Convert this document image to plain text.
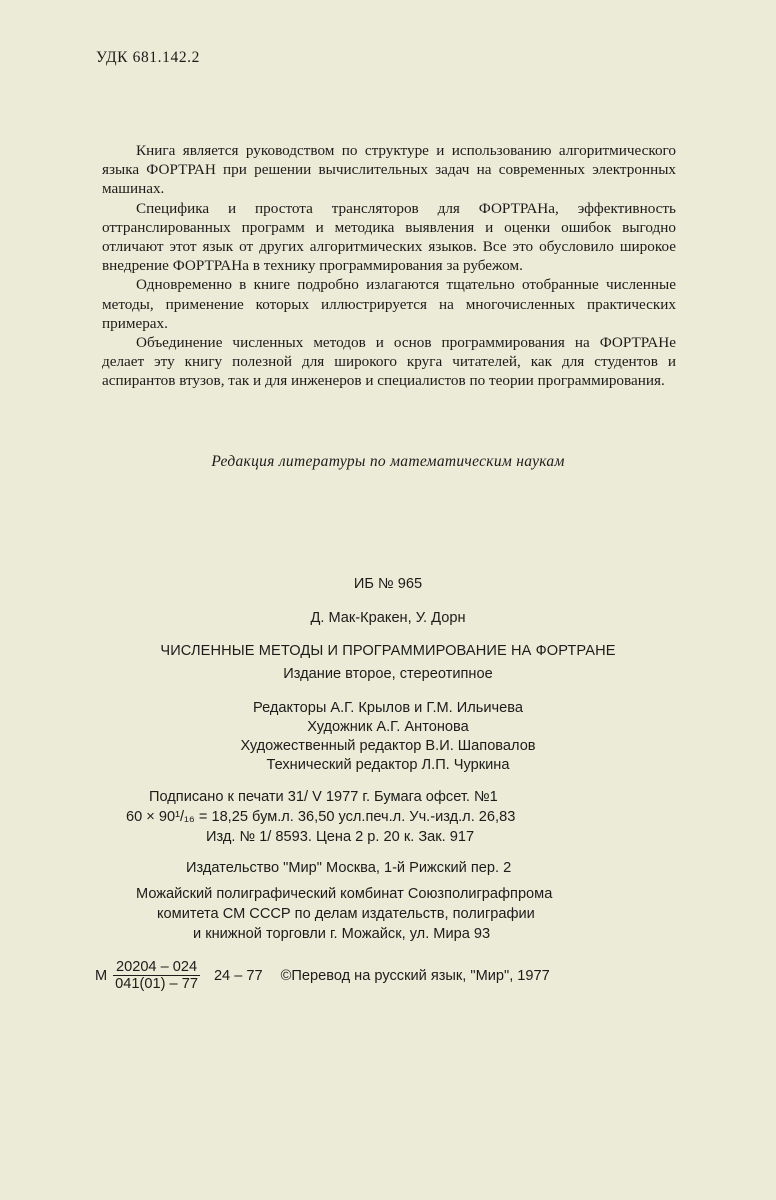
УДК 681.142.2

Книга является руководством по структуре и использованию алгоритмического языка ФОРТРАН при решении вычислительных задач на современных электронных машинах.

Специфика и простота трансляторов для ФОРТРАНа, эффективность оттранслированных программ и методика выявления и оценки ошибок выгодно отличают этот язык от других алгоритмических языков. Все это обусловило широкое внедрение ФОРТРАНа в технику программирования за рубежом.

Одновременно в книге подробно излагаются тщательно отобранные численные методы, применение которых иллюстрируется на многочисленных практических примерах.

Объединение численных методов и основ программирования на ФОРТРАНе делает эту книгу полезной для широкого круга читателей, как для студентов и аспирантов втузов, так и для инженеров и специалистов по теории программирования.

Редакция литературы по математическим наукам
ИБ № 965
Д. Мак-Кракен, У. Дорн
ЧИСЛЕННЫЕ МЕТОДЫ И ПРОГРАММИРОВАНИЕ НА ФОРТРАНЕ
Издание второе, стереотипное
Редакторы А.Г. Крылов и Г.М. Ильичева
Художник А.Г. Антонова
Художественный редактор В.И. Шаповалов
Технический редактор Л.П. Чуркина
Подписано к печати 31/ V 1977 г. Бумага офсет. №1
60 × 90¹/₁₆ = 18,25 бум.л. 36,50 усл.печ.л. Уч.-изд.л. 26,83
Изд. № 1/ 8593. Цена 2 р. 20 к. Зак. 917
Издательство "Мир" Москва, 1-й Рижский пер. 2
Можайский полиграфический комбинат Союзполиграфпрома
комитета СМ СССР по делам издательств, полиграфии
и книжной торговли г. Можайск, ул. Мира 93
М $\frac{20204 - 024}{041(01) - 77} 24 - 77$ ©Перевод на русский язык, "Мир", 1977
